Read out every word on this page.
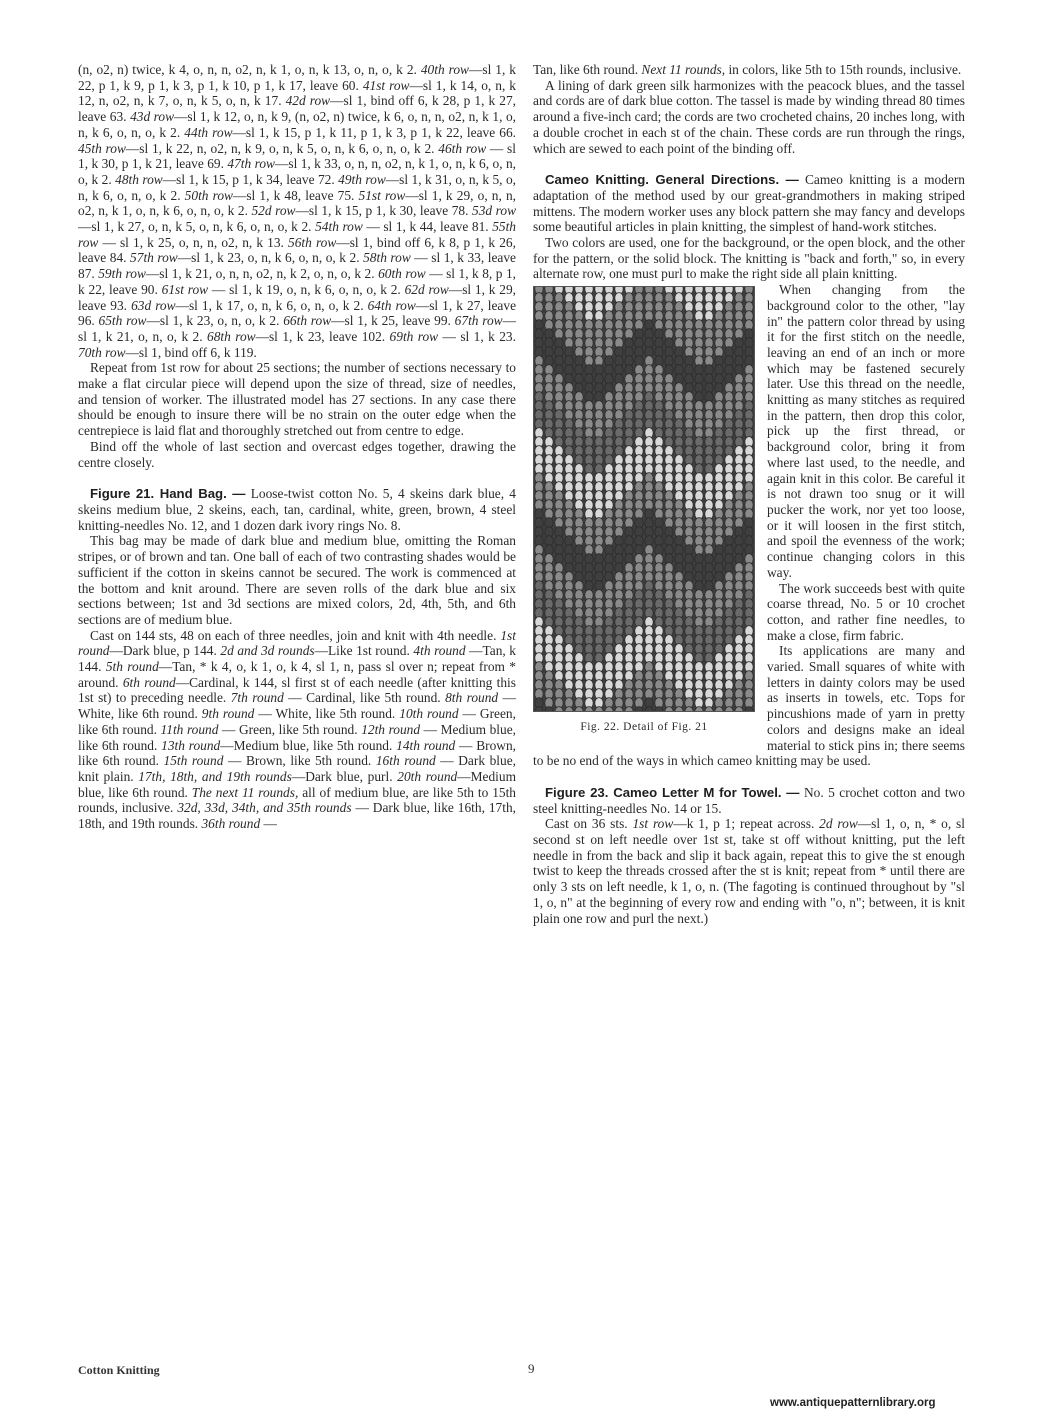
(n, o2, n) twice, k 4, o, n, n, o2, n, k 1, o, n, k 13, o, n, o, k 2. 40th row—sl 1, k 22, p 1, k 9, p 1, k 3, p 1, k 10, p 1, k 17, leave 60. 41st row—sl 1, k 14, o, n, k 12, n, o2, n, k 7, o, n, k 5, o, n, k 17. 42d row—sl 1, bind off 6, k 28, p 1, k 27, leave 63. 43d row—sl 1, k 12, o, n, k 9, (n, o2, n) twice, k 6, o, n, n, o2, n, k 1, o, n, k 6, o, n, o, k 2. 44th row—sl 1, k 15, p 1, k 11, p 1, k 3, p 1, k 22, leave 66. 45th row—sl 1, k 22, n, o2, n, k 9, o, n, k 5, o, n, k 6, o, n, o, k 2. 46th row — sl 1, k 30, p 1, k 21, leave 69. 47th row—sl 1, k 33, o, n, n, o2, n, k 1, o, n, k 6, o, n, o, k 2. 48th row—sl 1, k 15, p 1, k 34, leave 72. 49th row—sl 1, k 31, o, n, k 5, o, n, k 6, o, n, o, k 2. 50th row—sl 1, k 48, leave 75. 51st row—sl 1, k 29, o, n, n, o2, n, k 1, o, n, k 6, o, n, o, k 2. 52d row—sl 1, k 15, p 1, k 30, leave 78. 53d row—sl 1, k 27, o, n, k 5, o, n, k 6, o, n, o, k 2. 54th row — sl 1, k 44, leave 81. 55th row — sl 1, k 25, o, n, n, o2, n, k 13. 56th row—sl 1, bind off 6, k 8, p 1, k 26, leave 84. 57th row—sl 1, k 23, o, n, k 6, o, n, o, k 2. 58th row — sl 1, k 33, leave 87. 59th row—sl 1, k 21, o, n, n, o2, n, k 2, o, n, o, k 2. 60th row — sl 1, k 8, p 1, k 22, leave 90. 61st row — sl 1, k 19, o, n, k 6, o, n, o, k 2. 62d row—sl 1, k 29, leave 93. 63d row—sl 1, k 17, o, n, k 6, o, n, o, k 2. 64th row—sl 1, k 27, leave 96. 65th row—sl 1, k 23, o, n, o, k 2. 66th row—sl 1, k 25, leave 99. 67th row—sl 1, k 21, o, n, o, k 2. 68th row—sl 1, k 23, leave 102. 69th row — sl 1, k 23. 70th row—sl 1, bind off 6, k 119.

Repeat from 1st row for about 25 sections; the number of sections necessary to make a flat circular piece will depend upon the size of thread, size of needles, and tension of worker. The illustrated model has 27 sections. In any case there should be enough to insure there will be no strain on the outer edge when the centrepiece is laid flat and thoroughly stretched out from centre to edge.

Bind off the whole of last section and overcast edges together, drawing the centre closely.

Figure 21. Hand Bag. — Loose-twist cotton No. 5, 4 skeins dark blue, 4 skeins medium blue, 2 skeins, each, tan, cardinal, white, green, brown, 4 steel knitting-needles No. 12, and 1 dozen dark ivory rings No. 8.

This bag may be made of dark blue and medium blue, omitting the Roman stripes, or of brown and tan. One ball of each of two contrasting shades would be sufficient if the cotton in skeins cannot be secured. The work is commenced at the bottom and knit around. There are seven rolls of the dark blue and six sections between; 1st and 3d sections are mixed colors, 2d, 4th, 5th, and 6th sections are of medium blue.

Cast on 144 sts, 48 on each of three needles, join and knit with 4th needle. 1st round—Dark blue, p 144. 2d and 3d rounds—Like 1st round. 4th round —Tan, k 144. 5th round—Tan, * k 4, o, k 1, o, k 4, sl 1, n, pass sl over n; repeat from * around. 6th round—Cardinal, k 144, sl first st of each needle (after knitting this 1st st) to preceding needle. 7th round — Cardinal, like 5th round. 8th round — White, like 6th round. 9th round — White, like 5th round. 10th round — Green, like 6th round. 11th round — Green, like 5th round. 12th round — Medium blue, like 6th round. 13th round—Medium blue, like 5th round. 14th round — Brown, like 6th round. 15th round — Brown, like 5th round. 16th round — Dark blue, knit plain. 17th, 18th, and 19th rounds—Dark blue, purl. 20th round—Medium blue, like 6th round. The next 11 rounds, all of medium blue, are like 5th to 15th rounds, inclusive. 32d, 33d, 34th, and 35th rounds — Dark blue, like 16th, 17th, 18th, and 19th rounds. 36th round —

Tan, like 6th round. Next 11 rounds, in colors, like 5th to 15th rounds, inclusive.

A lining of dark green silk harmonizes with the peacock blues, and the tassel and cords are of dark blue cotton. The tassel is made by winding thread 80 times around a five-inch card; the cords are two crocheted chains, 20 inches long, with a double crochet in each st of the chain. These cords are run through the rings, which are sewed to each point of the binding off.

Cameo Knitting. General Directions. — Cameo knitting is a modern adaptation of the method used by our great-grandmothers in making striped mittens. The modern worker uses any block pattern she may fancy and develops some beautiful articles in plain knitting, the simplest of hand-work stitches.

Two colors are used, one for the background, or the open block, and the other for the pattern, or the solid block. The knitting is "back and forth," so, in every alternate row, one must purl to make the right side all plain knitting.

Fig. 22. Detail of Fig. 21

When changing from the background color to the other, "lay in" the pattern color thread by using it for the first stitch on the needle, leaving an end of an inch or more which may be fastened securely later. Use this thread on the needle, knitting as many stitches as required in the pattern, then drop this color, pick up the first thread, or background color, bring it from where last used, to the needle, and again knit in this color. Be careful it is not drawn too snug or it will pucker the work, nor yet too loose, or it will loosen in the first stitch, and spoil the evenness of the work; continue changing colors in this way.

The work succeeds best with quite coarse thread, No. 5 or 10 crochet cotton, and rather fine needles, to make a close, firm fabric.

Its applications are many and varied. Small squares of white with letters in dainty colors may be used as inserts in towels, etc. Tops for pincushions made of yarn in pretty colors and designs make an ideal material to stick pins in; there seems to be no end of the ways in which cameo knitting may be used.

Figure 23. Cameo Letter M for Towel. — No. 5 crochet cotton and two steel knitting-needles No. 14 or 15.

Cast on 36 sts. 1st row—k 1, p 1; repeat across. 2d row—sl 1, o, n, * o, sl second st on left needle over 1st st, take st off without knitting, put the left needle in from the back and slip it back again, repeat this to give the st enough twist to keep the threads crossed after the st is knit; repeat from * until there are only 3 sts on left needle, k 1, o, n. (The fagoting is continued throughout by "sl 1, o, n" at the beginning of every row and ending with "o, n"; between, it is knit plain one row and purl the next.)

Cotton Knitting	9
www.antiquepatternlibrary.org
